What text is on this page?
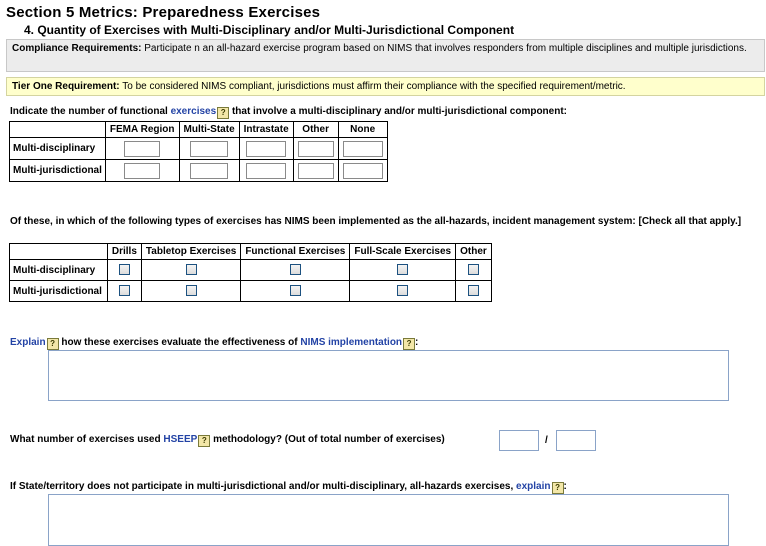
Section 5 Metrics: Preparedness Exercises
4. Quantity of Exercises with Multi-Disciplinary and/or Multi-Jurisdictional Component
Compliance Requirements: Participate n an all-hazard exercise program based on NIMS that involves responders from multiple disciplines and multiple jurisdictions.
Tier One Requirement: To be considered NIMS compliant, jurisdictions must affirm their compliance with the specified requirement/metric.
Indicate the number of functional exercises ? that involve a multi-disciplinary and/or multi-jurisdictional component:
	FEMA Region	Multi-State	Intrastate	Other	None
Multi-disciplinary					
Multi-jurisdictional					
Of these, in which of the following types of exercises has NIMS been implemented as the all-hazards, incident management system: [Check all that apply.]
	Drills	Tabletop Exercises	Functional Exercises	Full-Scale Exercises	Other
Multi-disciplinary					
Multi-jurisdictional					
Explain ? how these exercises evaluate the effectiveness of NIMS implementation ? :
What number of exercises used HSEEP ? methodology? (Out of total number of exercises)	/
If State/territory does not participate in multi-jurisdictional and/or multi-disciplinary, all-hazards exercises, explain ? :
